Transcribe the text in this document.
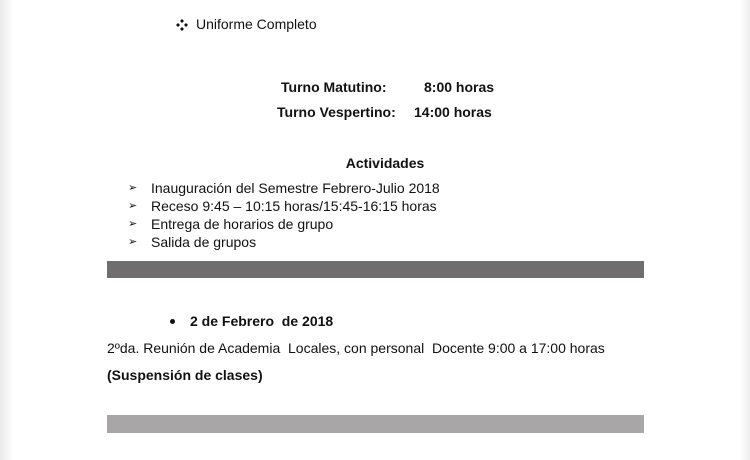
Uniforme Completo
Turno Matutino:	8:00 horas
Turno Vespertino: 14:00 horas
Actividades
➢ Inauguración del Semestre Febrero-Julio 2018
➢ Receso 9:45 – 10:15 horas/15:45-16:15 horas
➢ Entrega de horarios de grupo
➢ Salida de grupos
2 de Febrero  de 2018
2ºda. Reunión de Academia  Locales, con personal  Docente 9:00 a 17:00 horas
(Suspensión de clases)
